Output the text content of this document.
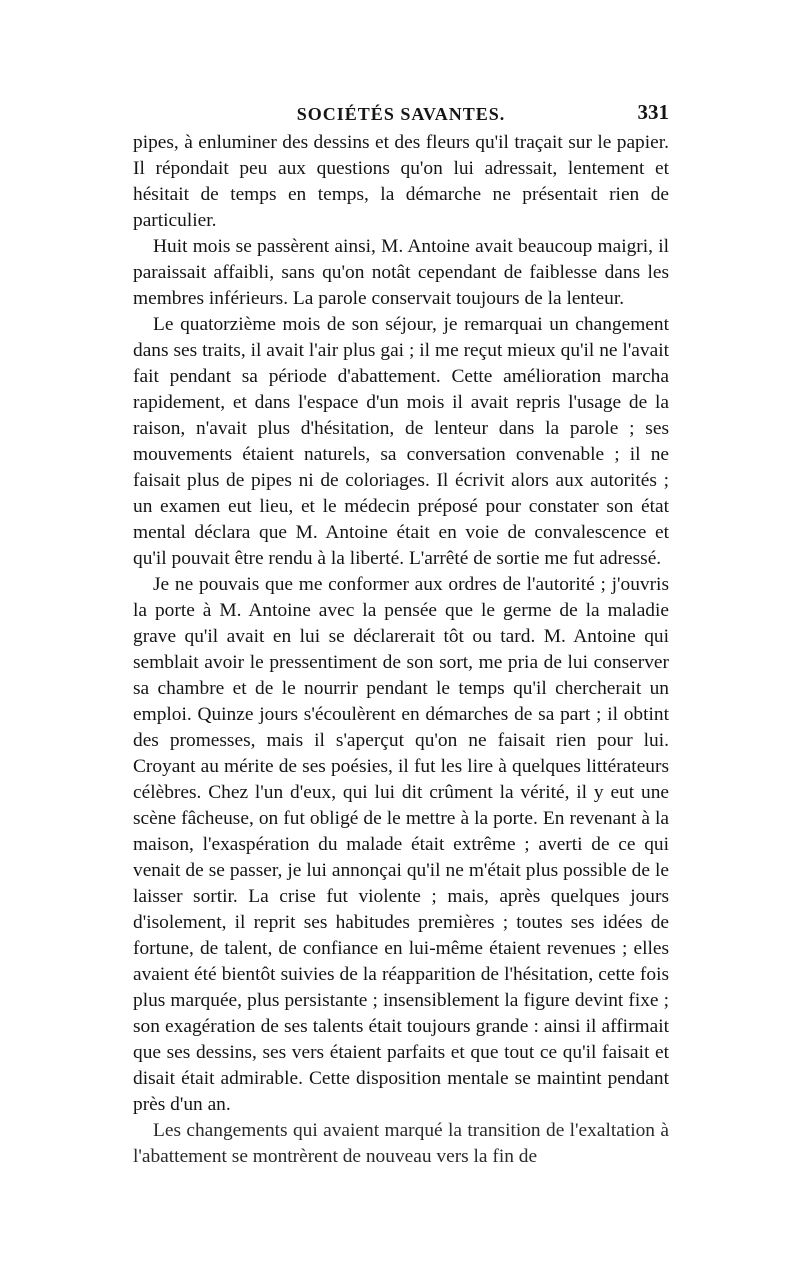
SOCIÉTÉS SAVANTES.	331

pipes, à enluminer des dessins et des fleurs qu'il traçait sur le papier. Il répondait peu aux questions qu'on lui adressait, lentement et hésitait de temps en temps, la démarche ne présentait rien de particulier.

Huit mois se passèrent ainsi, M. Antoine avait beaucoup maigri, il paraissait affaibli, sans qu'on notât cependant de faiblesse dans les membres inférieurs. La parole conservait toujours de la lenteur.

Le quatorzième mois de son séjour, je remarquai un changement dans ses traits, il avait l'air plus gai ; il me reçut mieux qu'il ne l'avait fait pendant sa période d'abattement. Cette amélioration marcha rapidement, et dans l'espace d'un mois il avait repris l'usage de la raison, n'avait plus d'hésitation, de lenteur dans la parole ; ses mouvements étaient naturels, sa conversation convenable ; il ne faisait plus de pipes ni de coloriages. Il écrivit alors aux autorités ; un examen eut lieu, et le médecin préposé pour constater son état mental déclara que M. Antoine était en voie de convalescence et qu'il pouvait être rendu à la liberté. L'arrêté de sortie me fut adressé.

Je ne pouvais que me conformer aux ordres de l'autorité ; j'ouvris la porte à M. Antoine avec la pensée que le germe de la maladie grave qu'il avait en lui se déclarerait tôt ou tard. M. Antoine qui semblait avoir le pressentiment de son sort, me pria de lui conserver sa chambre et de le nourrir pendant le temps qu'il chercherait un emploi. Quinze jours s'écoulèrent en démarches de sa part ; il obtint des promesses, mais il s'aperçut qu'on ne faisait rien pour lui. Croyant au mérite de ses poésies, il fut les lire à quelques littérateurs célèbres. Chez l'un d'eux, qui lui dit crûment la vérité, il y eut une scène fâcheuse, on fut obligé de le mettre à la porte. En revenant à la maison, l'exaspération du malade était extrême ; averti de ce qui venait de se passer, je lui annonçai qu'il ne m'était plus possible de le laisser sortir. La crise fut violente ; mais, après quelques jours d'isolement, il reprit ses habitudes premières ; toutes ses idées de fortune, de talent, de confiance en lui-même étaient revenues ; elles avaient été bientôt suivies de la réapparition de l'hésitation, cette fois plus marquée, plus persistante ; insensiblement la figure devint fixe ; son exagération de ses talents était toujours grande : ainsi il affirmait que ses dessins, ses vers étaient parfaits et que tout ce qu'il faisait et disait était admirable. Cette disposition mentale se maintint pendant près d'un an.

Les changements qui avaient marqué la transition de l'exaltation à l'abattement se montrèrent de nouveau vers la fin de
